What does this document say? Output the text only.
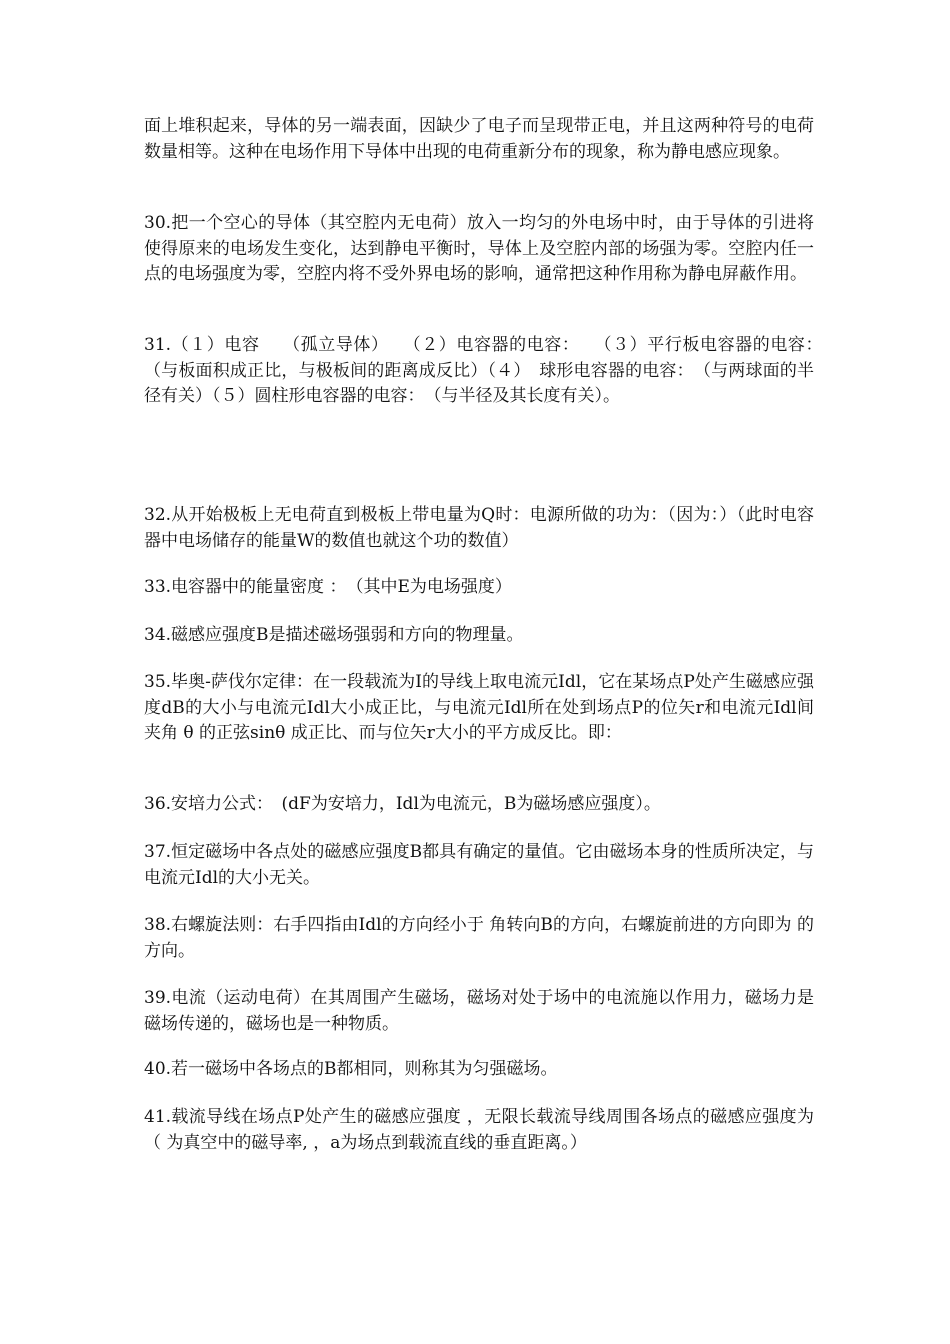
面上堆积起来，导体的另一端表面，因缺少了电子而呈现带正电，并且这两种符号的电荷数量相等。这种在电场作用下导体中出现的电荷重新分布的现象，称为静电感应现象。

30.把一个空心的导体（其空腔内无电荷）放入一均匀的外电场中时，由于导体的引进将使得原来的电场发生变化，达到静电平衡时，导体上及空腔内部的场强为零。空腔内任一点的电场强度为零，空腔内将不受外界电场的影响，通常把这种作用称为静电屏蔽作用。

31.（１）电容　 （孤立导体）　 （２）电容器的电容：　 （３）平行板电容器的电容：　（与板面积成正比，与极板间的距离成反比）（４）　球形电容器的电容：　（与两球面的半径有关）（５）圆柱形电容器的电容：　（与半径及其长度有关）。

32.从开始极板上无电荷直到极板上带电量为Q时：电源所做的功为：（因为：）（此时电容器中电场储存的能量W的数值也就这个功的数值）

33.电容器中的能量密度 ：　（其中E为电场强度）

34.磁感应强度B是描述磁场强弱和方向的物理量。

35.毕奥-萨伐尔定律：在一段载流为I的导线上取电流元Idl，它在某场点P处产生磁感应强度dB的大小与电流元Idl大小成正比，与电流元Idl所在处到场点P的位矢r和电流元Idl间夹角 θ 的正弦sinθ 成正比、而与位矢r大小的平方成反比。即：

36.安培力公式：　(dF为安培力，Idl为电流元，B为磁场感应强度）。

37.恒定磁场中各点处的磁感应强度B都具有确定的量值。它由磁场本身的性质所决定，与电流元Idl的大小无关。

38.右螺旋法则：右手四指由Idl的方向经小于 角转向B的方向，右螺旋前进的方向即为 的方向。

39.电流（运动电荷）在其周围产生磁场，磁场对处于场中的电流施以作用力，磁场力是磁场传递的，磁场也是一种物质。

40.若一磁场中各场点的B都相同，则称其为匀强磁场。

41.载流导线在场点P处产生的磁感应强度 ，无限长载流导线周围各场点的磁感应强度为 （ 为真空中的磁导率, ，a为场点到载流直线的垂直距离。）
